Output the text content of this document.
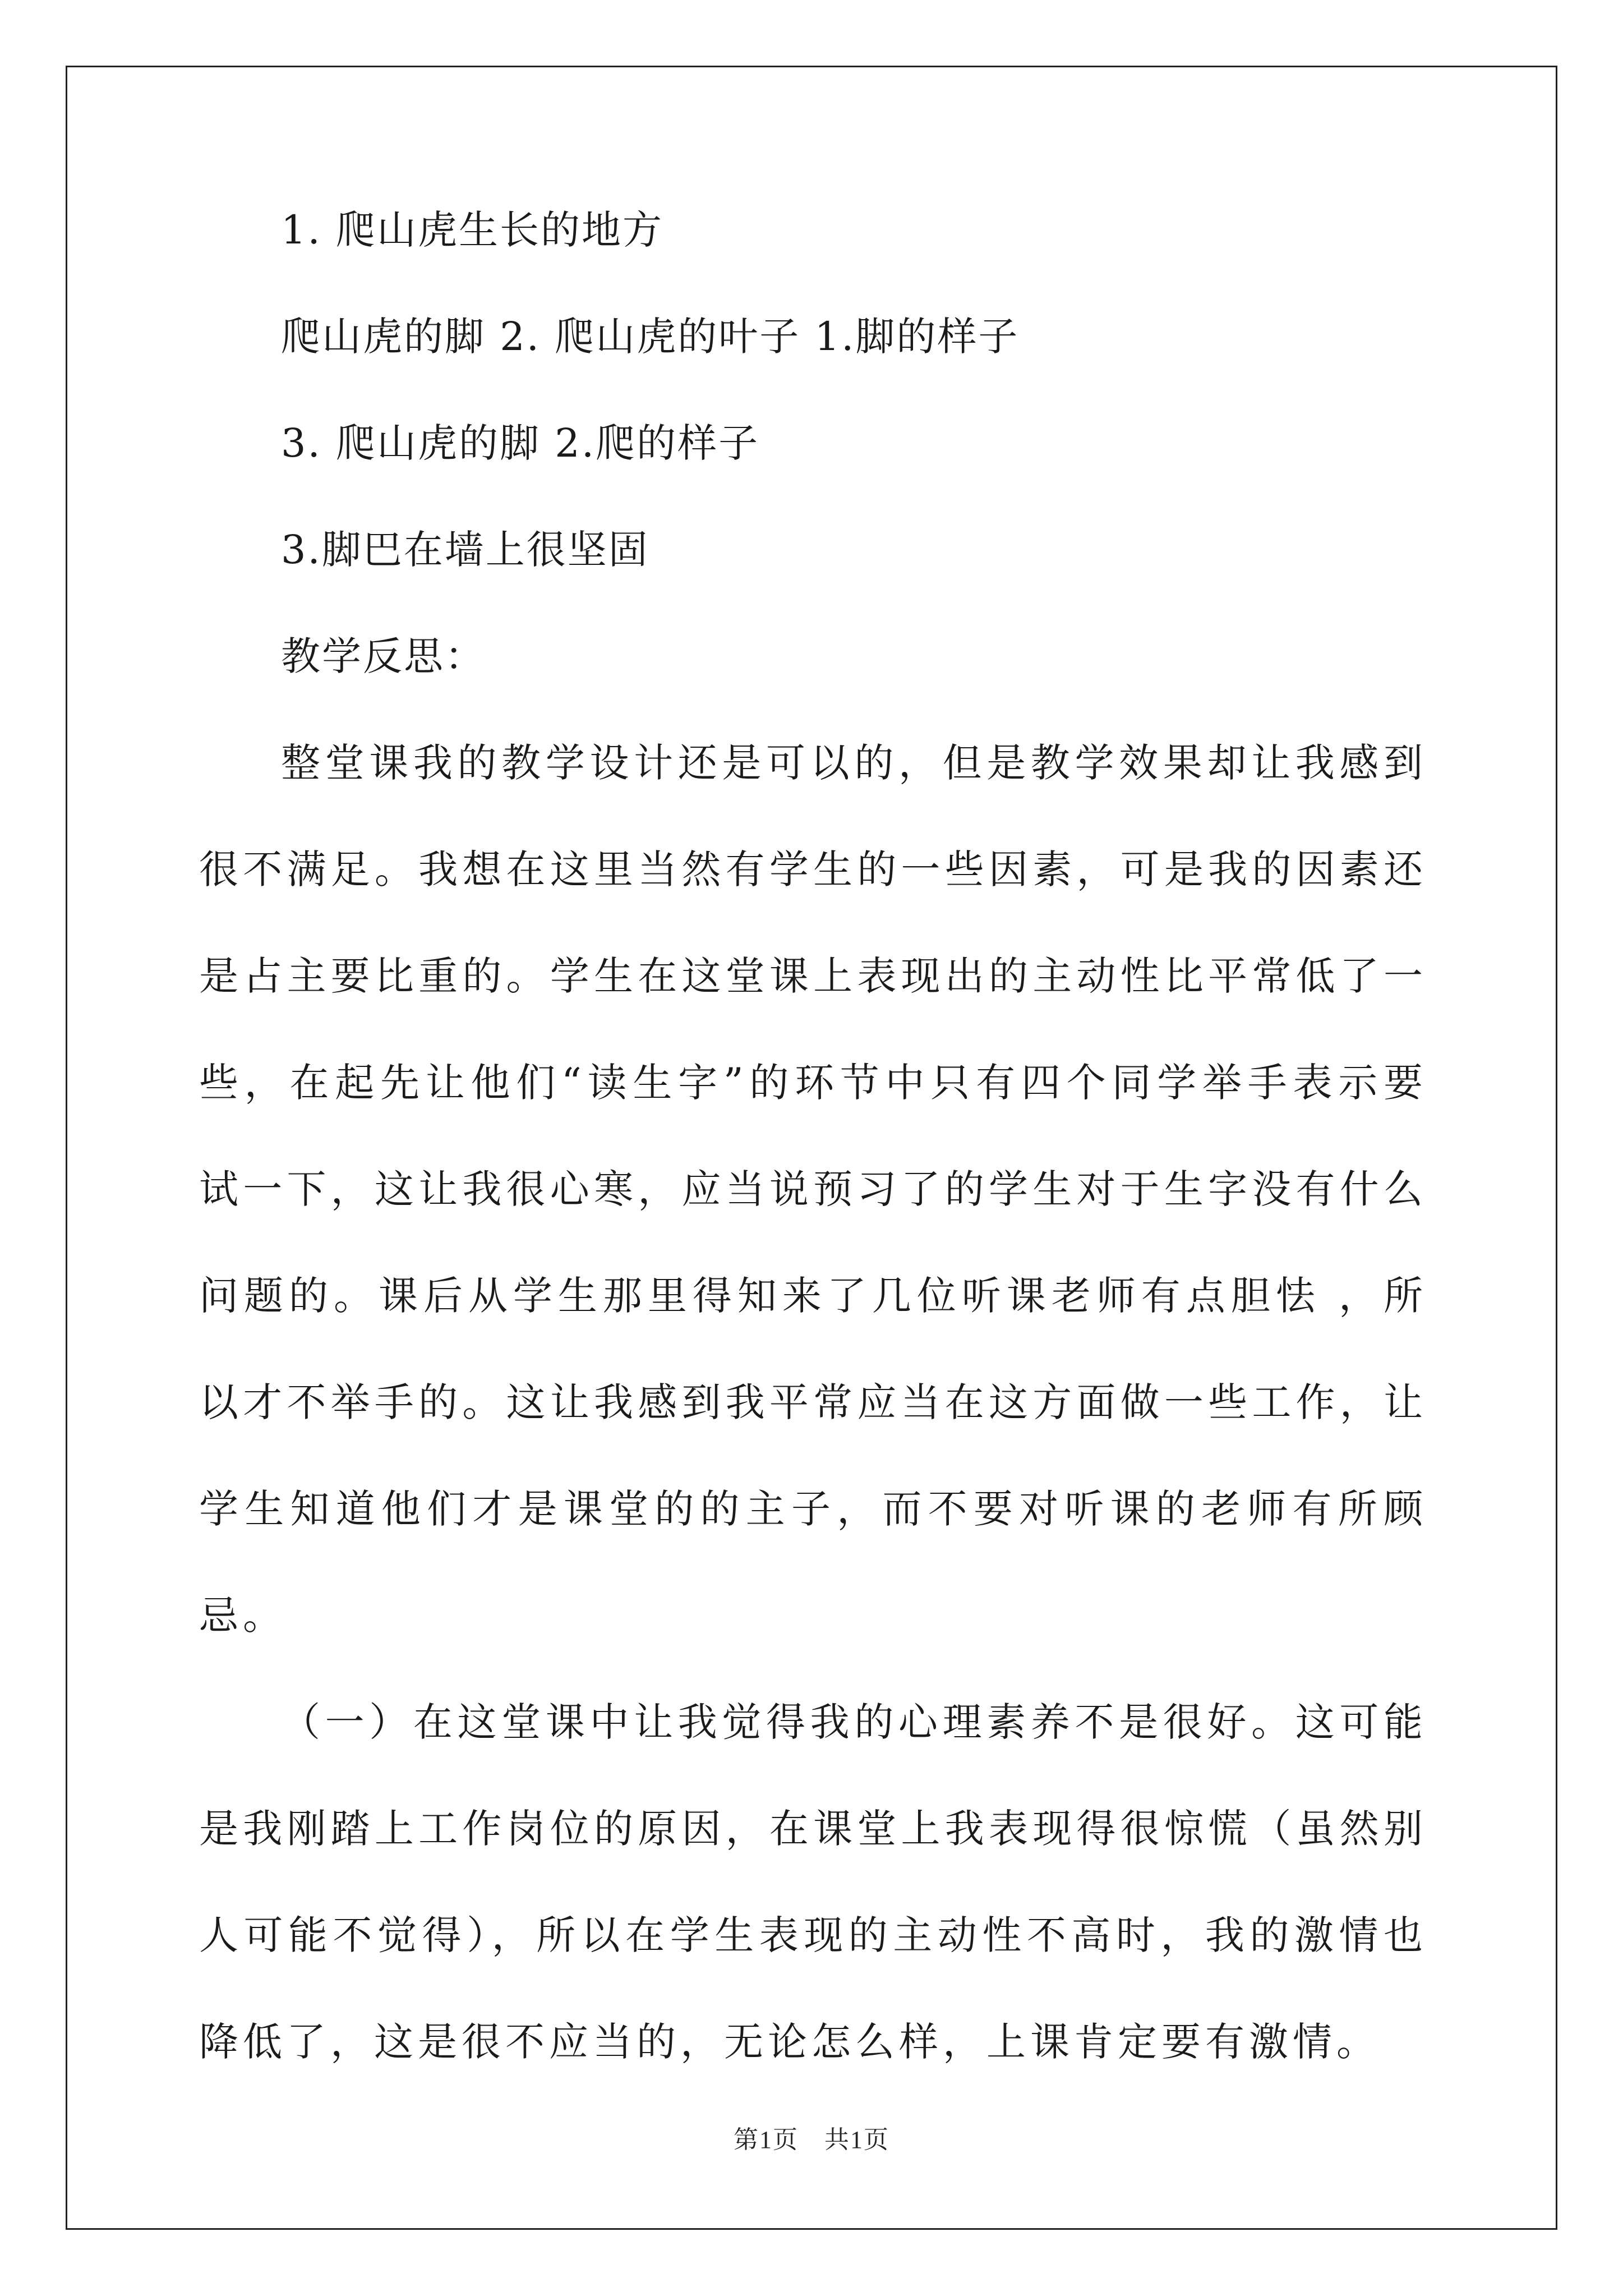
1. 爬山虎生长的地方
爬山虎的脚 2. 爬山虎的叶子 1.脚的样子
3. 爬山虎的脚 2.爬的样子
3.脚巴在墙上很坚固
教学反思：

整堂课我的教学设计还是可以的，但是教学效果却让我感到很不满足。我想在这里当然有学生的一些因素，可是我的因素还是占主要比重的。学生在这堂课上表现出的主动性比平常低了一些，在起先让他们“读生字”的环节中只有四个同学举手表示要试一下，这让我很心寒，应当说预习了的学生对于生字没有什么问题的。课后从学生那里得知来了几位听课老师有点胆怯 ，所以才不举手的。这让我感到我平常应当在这方面做一些工作，让学生知道他们才是课堂的的主子，而不要对听课的老师有所顾忌。

（一）在这堂课中让我觉得我的心理素养不是很好。这可能是我刚踏上工作岗位的原因，在课堂上我表现得很惊慌（虽然别人可能不觉得），所以在学生表现的主动性不高时，我的激情也降低了，这是很不应当的，无论怎么样，上课肯定要有激情。

第1页　共1页
